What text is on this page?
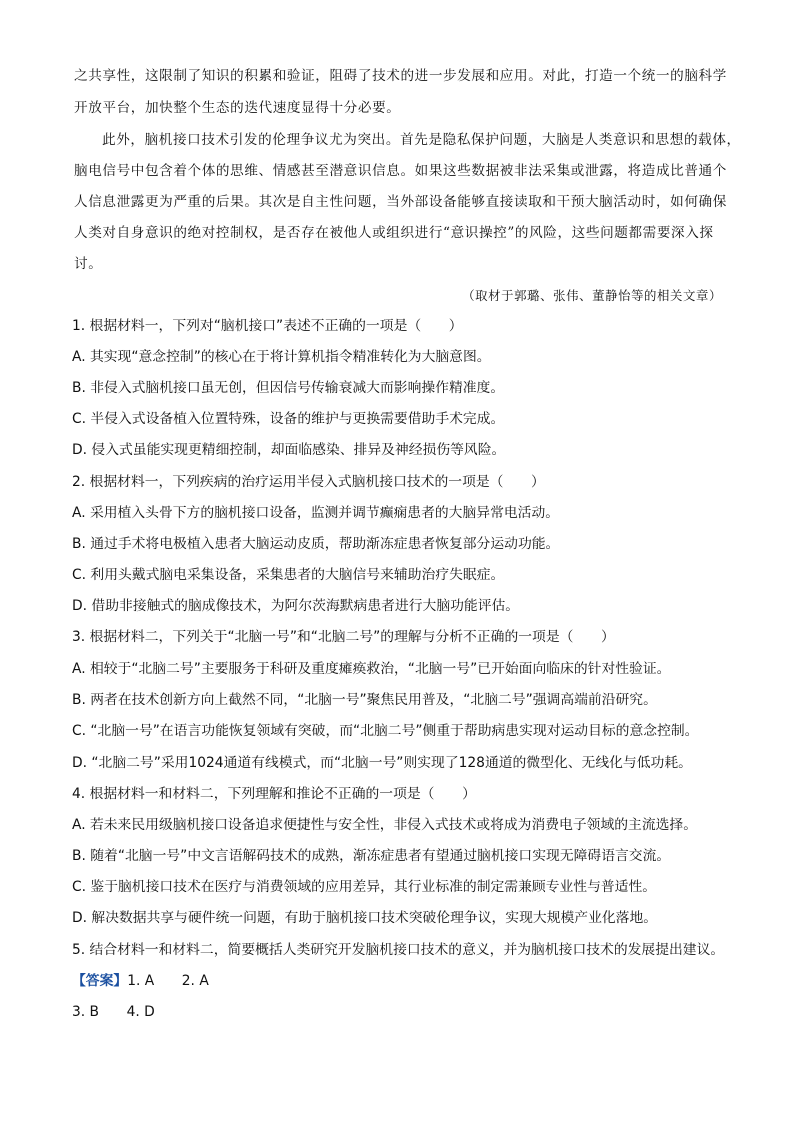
之共享性，这限制了知识的积累和验证，阻碍了技术的进一步发展和应用。对此，打造一个统一的脑科学
开放平台，加快整个生态的迭代速度显得十分必要。
此外，脑机接口技术引发的伦理争议尤为突出。首先是隐私保护问题，大脑是人类意识和思想的载体，
脑电信号中包含着个体的思维、情感甚至潜意识信息。如果这些数据被非法采集或泄露，将造成比普通个
人信息泄露更为严重的后果。其次是自主性问题，当外部设备能够直接读取和干预大脑活动时，如何确保
人类对自身意识的绝对控制权，是否存在被他人或组织进行“意识操控”的风险，这些问题都需要深入探
讨。
（取材于郭璐、张伟、董静怡等的相关文章）
1. 根据材料一，下列对“脑机接口”表述不正确的一项是（　　）
A. 其实现“意念控制”的核心在于将计算机指令精准转化为大脑意图。
B. 非侵入式脑机接口虽无创，但因信号传输衰减大而影响操作精准度。
C. 半侵入式设备植入位置特殊，设备的维护与更换需要借助手术完成。
D. 侵入式虽能实现更精细控制，却面临感染、排异及神经损伤等风险。
2. 根据材料一，下列疾病的治疗运用半侵入式脑机接口技术的一项是（　　）
A. 采用植入头骨下方的脑机接口设备，监测并调节癫痫患者的大脑异常电活动。
B. 通过手术将电极植入患者大脑运动皮质，帮助渐冻症患者恢复部分运动功能。
C. 利用头戴式脑电采集设备，采集患者的大脑信号来辅助治疗失眠症。
D. 借助非接触式的脑成像技术，为阿尔茨海默病患者进行大脑功能评估。
3. 根据材料二，下列关于“北脑一号”和“北脑二号”的理解与分析不正确的一项是（　　）
A. 相较于“北脑二号”主要服务于科研及重度瘫痪救治，“北脑一号”已开始面向临床的针对性验证。
B. 两者在技术创新方向上截然不同，“北脑一号”聚焦民用普及，“北脑二号”强调高端前沿研究。
C. “北脑一号”在语言功能恢复领域有突破，而“北脑二号”侧重于帮助病患实现对运动目标的意念控制。
D. “北脑二号”采用1024通道有线模式，而“北脑一号”则实现了128通道的微型化、无线化与低功耗。
4. 根据材料一和材料二，下列理解和推论不正确的一项是（　　）
A. 若未来民用级脑机接口设备追求便捷性与安全性，非侵入式技术或将成为消费电子领域的主流选择。
B. 随着“北脑一号”中文言语解码技术的成熟，渐冻症患者有望通过脑机接口实现无障碍语言交流。
C. 鉴于脑机接口技术在医疗与消费领域的应用差异，其行业标准的制定需兼顾专业性与普适性。
D. 解决数据共享与硬件统一问题，有助于脑机接口技术突破伦理争议，实现大规模产业化落地。
5. 结合材料一和材料二，简要概括人类研究开发脑机接口技术的意义，并为脑机接口技术的发展提出建议。
【答案】1. A　　2. A
3. B　　4. D
